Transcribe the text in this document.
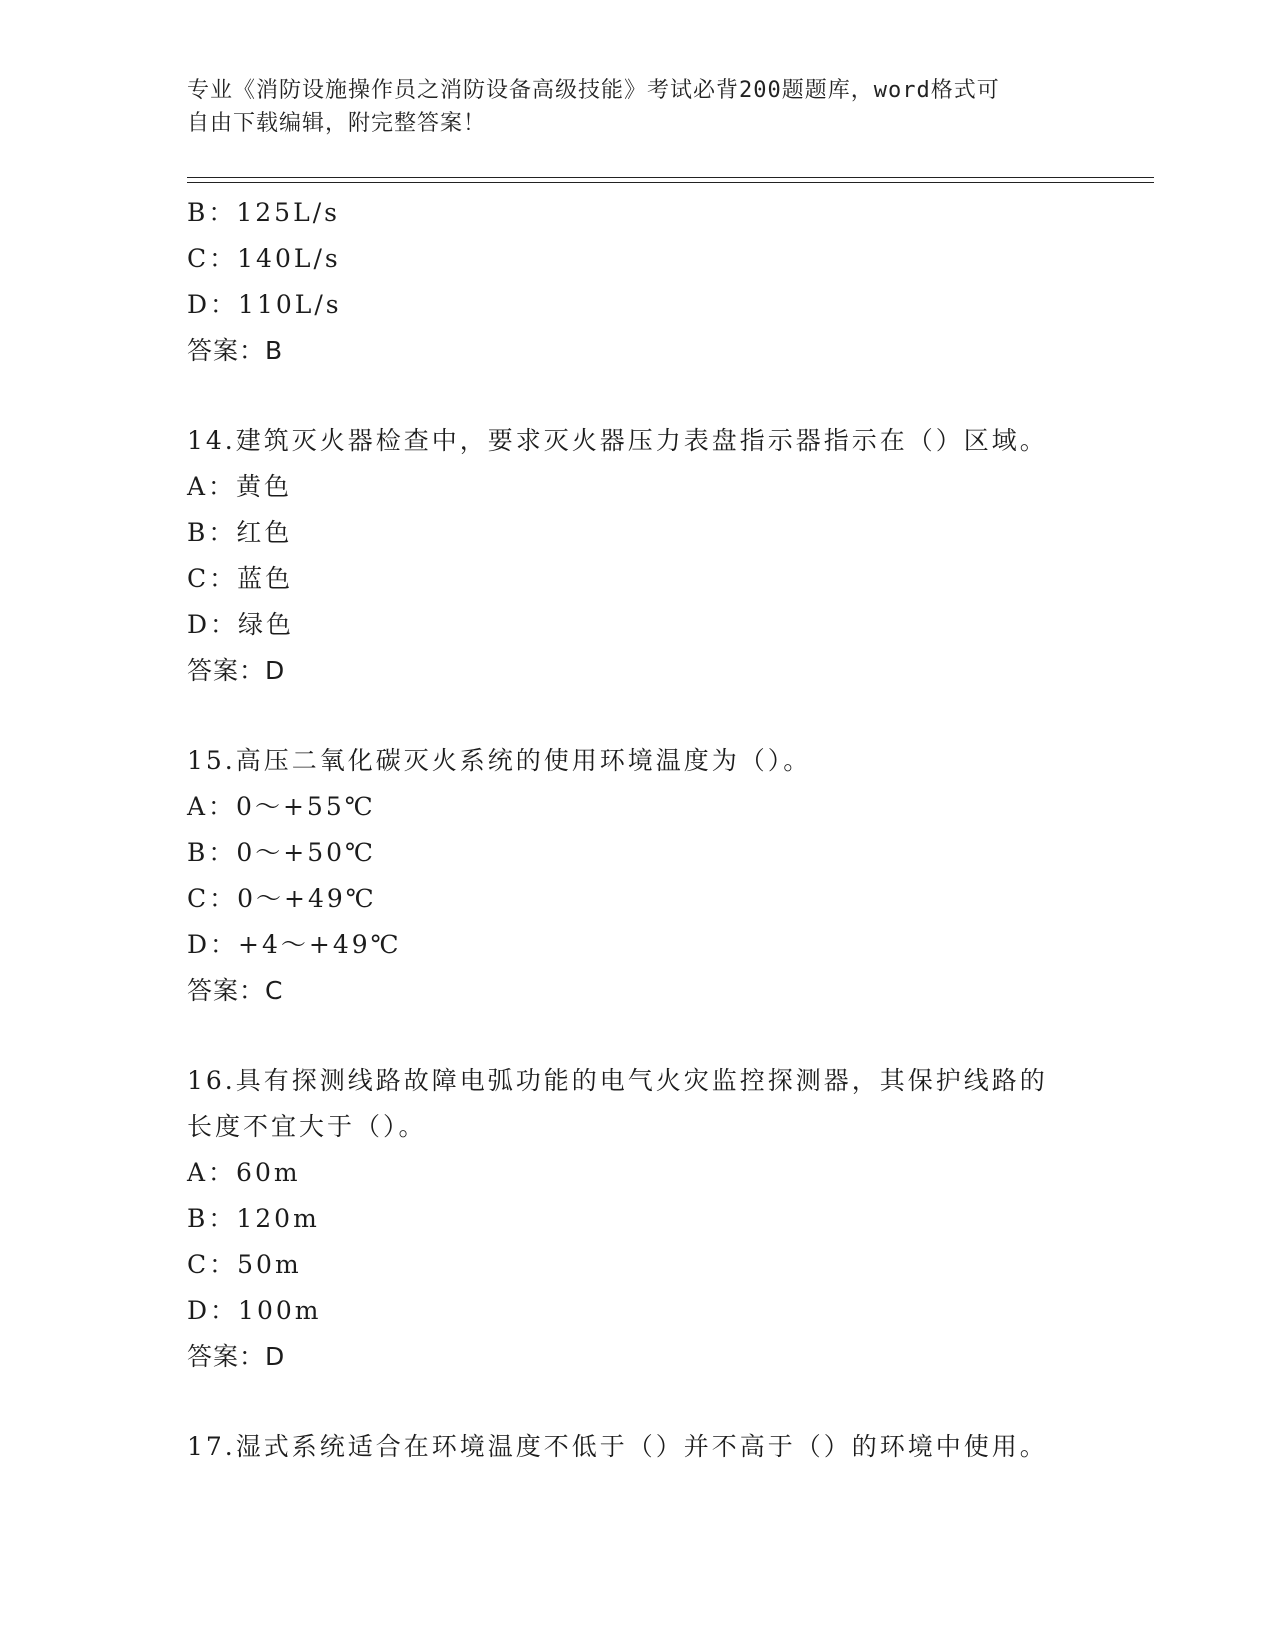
专业《消防设施操作员之消防设备高级技能》考试必背200题题库，word格式可
自由下载编辑，附完整答案！
B：125L/s
C：140L/s
D：110L/s
答案：B
14.建筑灭火器检查中，要求灭火器压力表盘指示器指示在（）区域。
A：黄色
B：红色
C：蓝色
D：绿色
答案：D
15.高压二氧化碳灭火系统的使用环境温度为（）。
A：0～+55℃
B：0～+50℃
C：0～+49℃
D：+4～+49℃
答案：C
16.具有探测线路故障电弧功能的电气火灾监控探测器，其保护线路的
长度不宜大于（）。
A：60m
B：120m
C：50m
D：100m
答案：D
17.湿式系统适合在环境温度不低于（）并不高于（）的环境中使用。
